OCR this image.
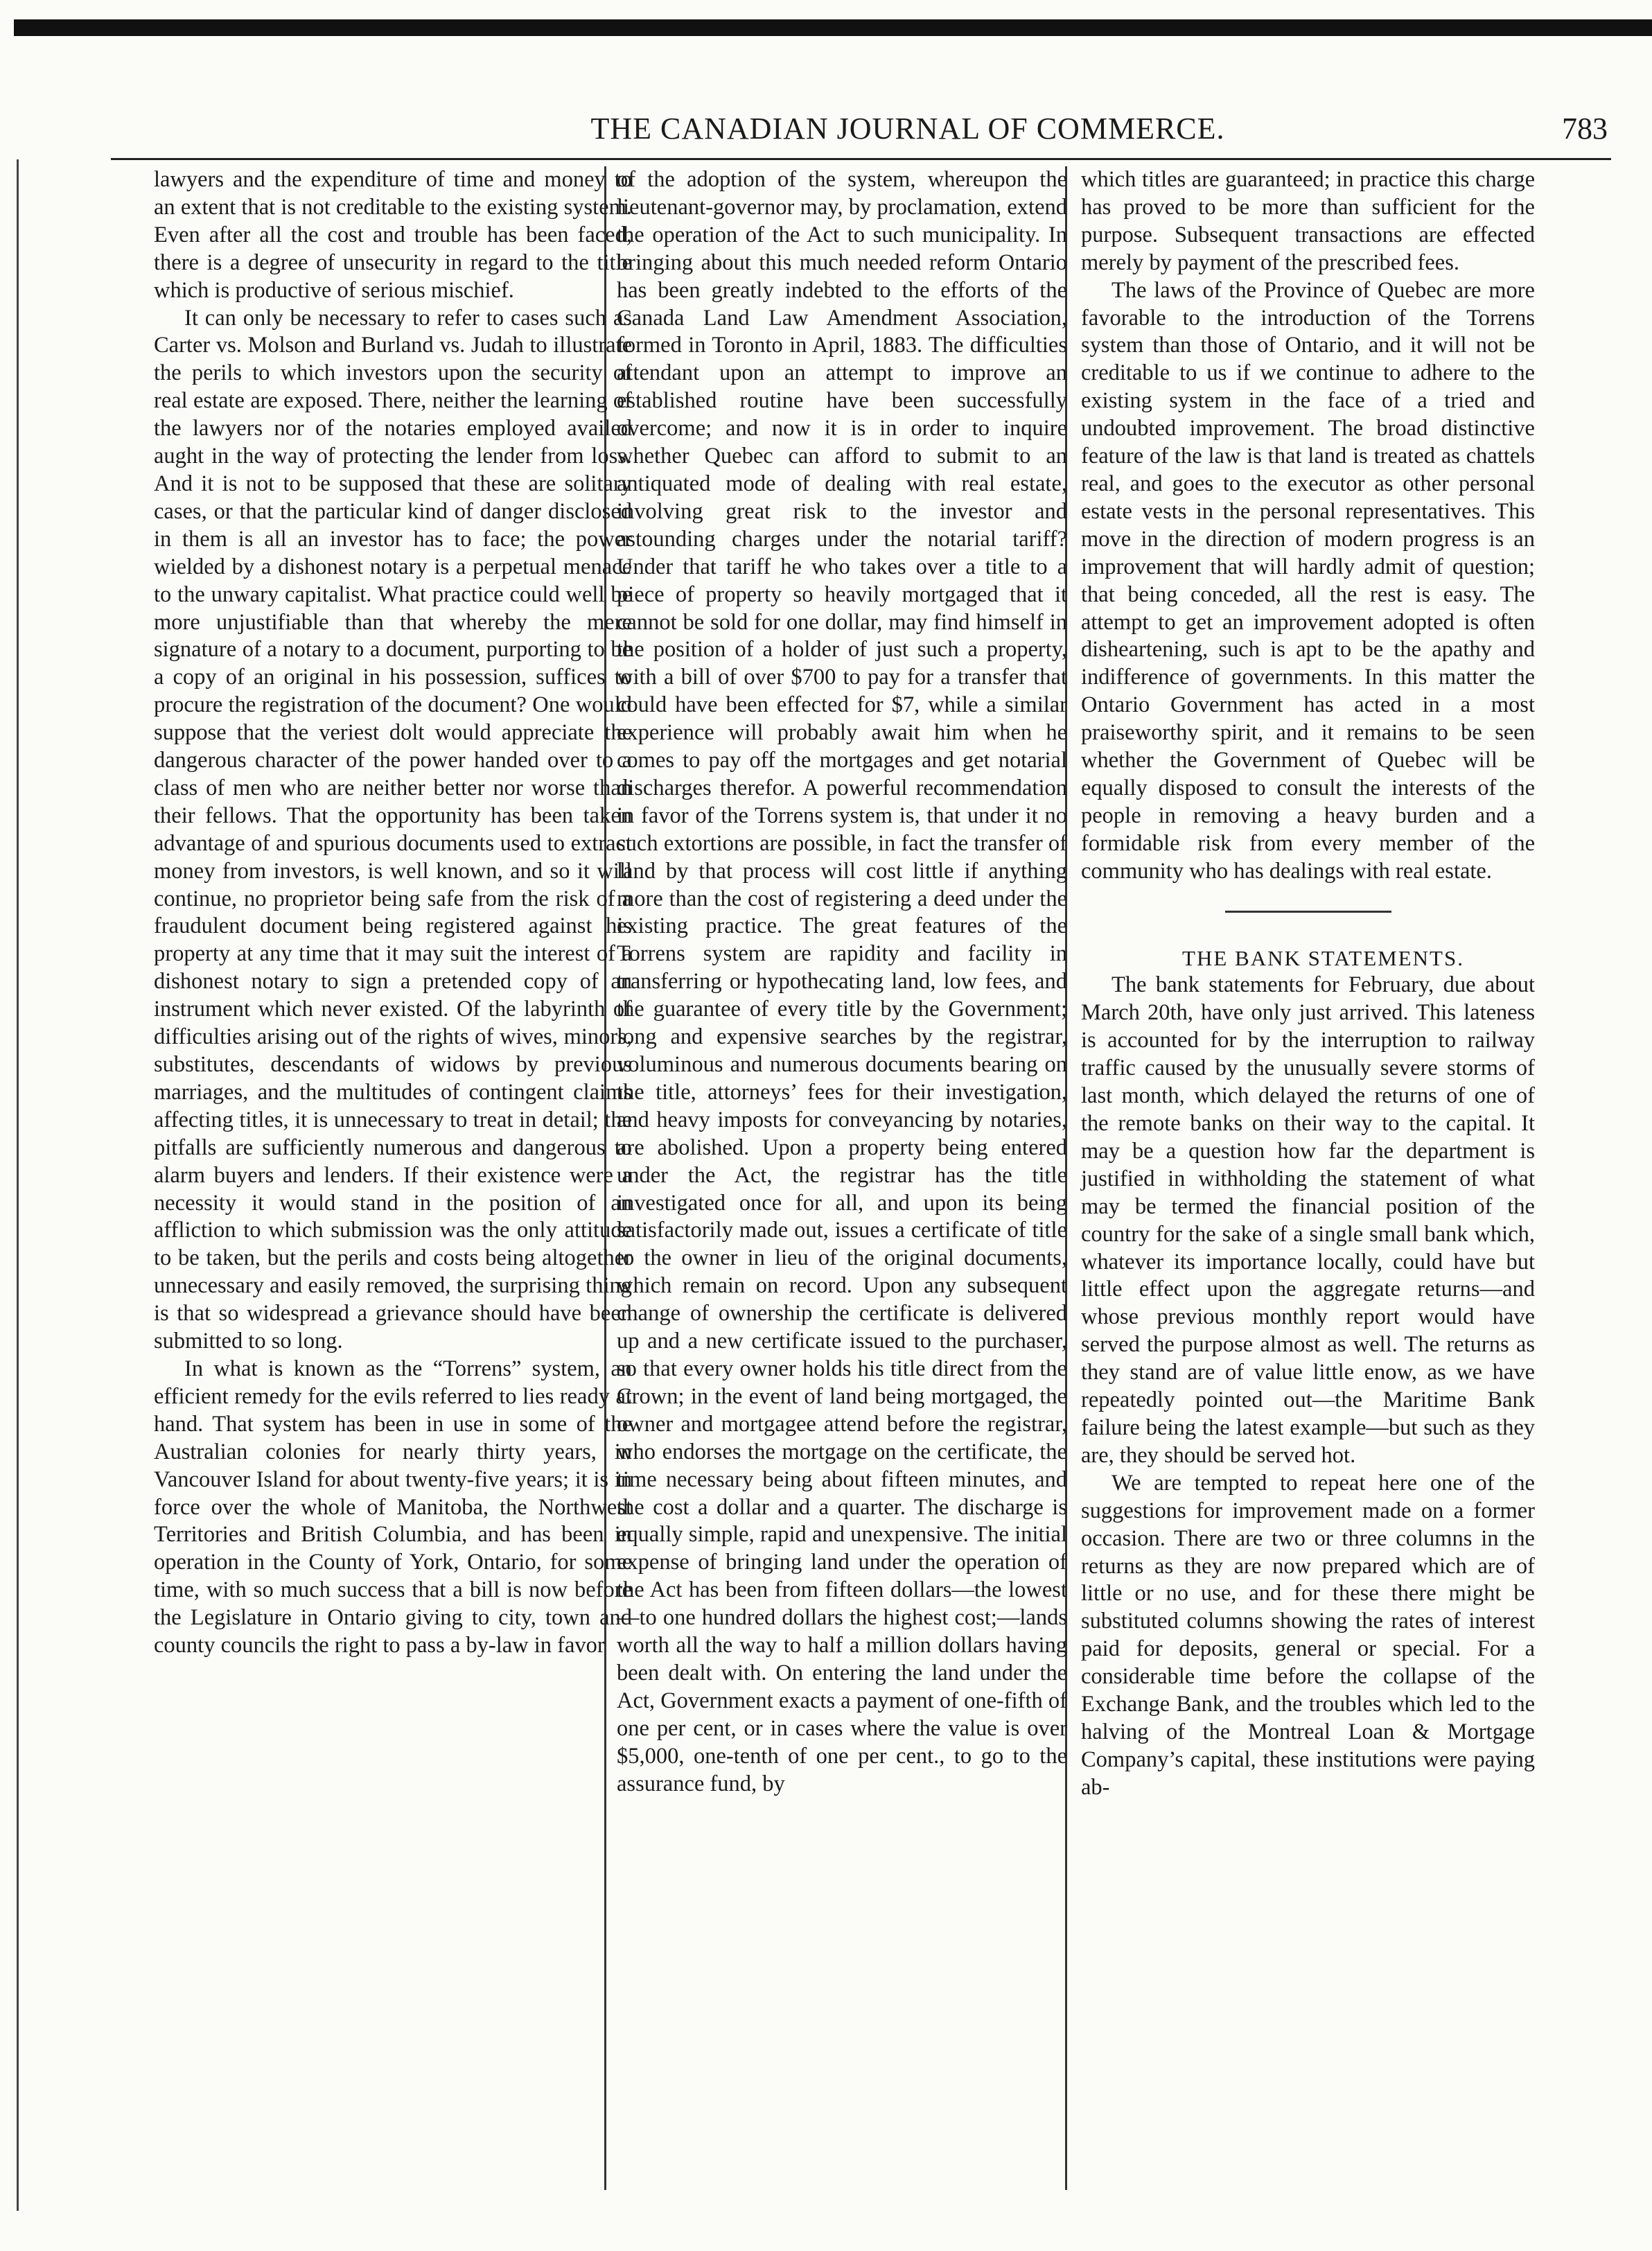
THE CANADIAN JOURNAL OF COMMERCE.	783

lawyers and the expenditure of time and money to an extent that is not creditable to the existing system. Even after all the cost and trouble has been faced, there is a degree of unsecurity in regard to the title which is productive of serious mischief.

It can only be necessary to refer to cases such as Carter vs. Molson and Burland vs. Judah to illustrate the perils to which investors upon the security of real estate are exposed. There, neither the learning of the lawyers nor of the notaries employed availed aught in the way of protecting the lender from loss. And it is not to be supposed that these are solitary cases, or that the particular kind of danger disclosed in them is all an investor has to face; the power wielded by a dishonest notary is a perpetual menace to the unwary capitalist. What practice could well be more unjustifiable than that whereby the mere signature of a notary to a document, purporting to be a copy of an original in his possession, suffices to procure the registration of the document? One would suppose that the veriest dolt would appreciate the dangerous character of the power handed over to a class of men who are neither better nor worse than their fellows. That the opportunity has been taken advantage of and spurious documents used to extract money from investors, is well known, and so it will continue, no proprietor being safe from the risk of a fraudulent document being registered against his property at any time that it may suit the interest of a dishonest notary to sign a pretended copy of an instrument which never existed. Of the labyrinth of difficulties arising out of the rights of wives, minors, substitutes, descendants of widows by previous marriages, and the multitudes of contingent claims affecting titles, it is unnecessary to treat in detail; the pitfalls are sufficiently numerous and dangerous to alarm buyers and lenders. If their existence were a necessity it would stand in the position of an affliction to which submission was the only attitude to be taken, but the perils and costs being altogether unnecessary and easily removed, the surprising thing is that so widespread a grievance should have been submitted to so long.

In what is known as the “Torrens” system, an efficient remedy for the evils referred to lies ready at hand. That system has been in use in some of the Australian colonies for nearly thirty years, in Vancouver Island for about twenty-five years; it is in force over the whole of Manitoba, the Northwest Territories and British Columbia, and has been in operation in the County of York, Ontario, for some time, with so much success that a bill is now before the Legislature in Ontario giving to city, town and county councils the right to pass a by-law in favor

of the adoption of the system, whereupon the lieutenant-governor may, by proclamation, extend the operation of the Act to such municipality. In bringing about this much needed reform Ontario has been greatly indebted to the efforts of the Canada Land Law Amendment Association, formed in Toronto in April, 1883. The difficulties attendant upon an attempt to improve an established routine have been successfully overcome; and now it is in order to inquire whether Quebec can afford to submit to an antiquated mode of dealing with real estate, involving great risk to the investor and astounding charges under the notarial tariff? Under that tariff he who takes over a title to a piece of property so heavily mortgaged that it cannot be sold for one dollar, may find himself in the position of a holder of just such a property, with a bill of over $700 to pay for a transfer that could have been effected for $7, while a similar experience will probably await him when he comes to pay off the mortgages and get notarial discharges therefor. A powerful recommendation in favor of the Torrens system is, that under it no such extortions are possible, in fact the transfer of land by that process will cost little if anything more than the cost of registering a deed under the existing practice. The great features of the Torrens system are rapidity and facility in transferring or hypothecating land, low fees, and the guarantee of every title by the Government; long and expensive searches by the registrar, voluminous and numerous documents bearing on the title, attorneys’ fees for their investigation, and heavy imposts for conveyancing by notaries, are abolished. Upon a property being entered under the Act, the registrar has the title investigated once for all, and upon its being satisfactorily made out, issues a certificate of title to the owner in lieu of the original documents, which remain on record. Upon any subsequent change of ownership the certificate is delivered up and a new certificate issued to the purchaser, so that every owner holds his title direct from the Crown; in the event of land being mortgaged, the owner and mortgagee attend before the registrar, who endorses the mortgage on the certificate, the time necessary being about fifteen minutes, and the cost a dollar and a quarter. The discharge is equally simple, rapid and unexpensive. The initial expense of bringing land under the operation of the Act has been from fifteen dollars—the lowest—to one hundred dollars the highest cost;—lands worth all the way to half a million dollars having been dealt with. On entering the land under the Act, Government exacts a payment of one-fifth of one per cent, or in cases where the value is over $5,000, one-tenth of one per cent., to go to the assurance fund, by

which titles are guaranteed; in practice this charge has proved to be more than sufficient for the purpose. Subsequent transactions are effected merely by payment of the prescribed fees.

The laws of the Province of Quebec are more favorable to the introduction of the Torrens system than those of Ontario, and it will not be creditable to us if we continue to adhere to the existing system in the face of a tried and undoubted improvement. The broad distinctive feature of the law is that land is treated as chattels real, and goes to the executor as other personal estate vests in the personal representatives. This move in the direction of modern progress is an improvement that will hardly admit of question; that being conceded, all the rest is easy. The attempt to get an improvement adopted is often disheartening, such is apt to be the apathy and indifference of governments. In this matter the Ontario Government has acted in a most praiseworthy spirit, and it remains to be seen whether the Government of Quebec will be equally disposed to consult the interests of the people in removing a heavy burden and a formidable risk from every member of the community who has dealings with real estate.

THE BANK STATEMENTS.

The bank statements for February, due about March 20th, have only just arrived. This lateness is accounted for by the interruption to railway traffic caused by the unusually severe storms of last month, which delayed the returns of one of the remote banks on their way to the capital. It may be a question how far the department is justified in withholding the statement of what may be termed the financial position of the country for the sake of a single small bank which, whatever its importance locally, could have but little effect upon the aggregate returns—and whose previous monthly report would have served the purpose almost as well. The returns as they stand are of value little enow, as we have repeatedly pointed out—the Maritime Bank failure being the latest example—but such as they are, they should be served hot.

We are tempted to repeat here one of the suggestions for improvement made on a former occasion. There are two or three columns in the returns as they are now prepared which are of little or no use, and for these there might be substituted columns showing the rates of interest paid for deposits, general or special. For a considerable time before the collapse of the Exchange Bank, and the troubles which led to the halving of the Montreal Loan & Mortgage Company’s capital, these institutions were paying ab-
